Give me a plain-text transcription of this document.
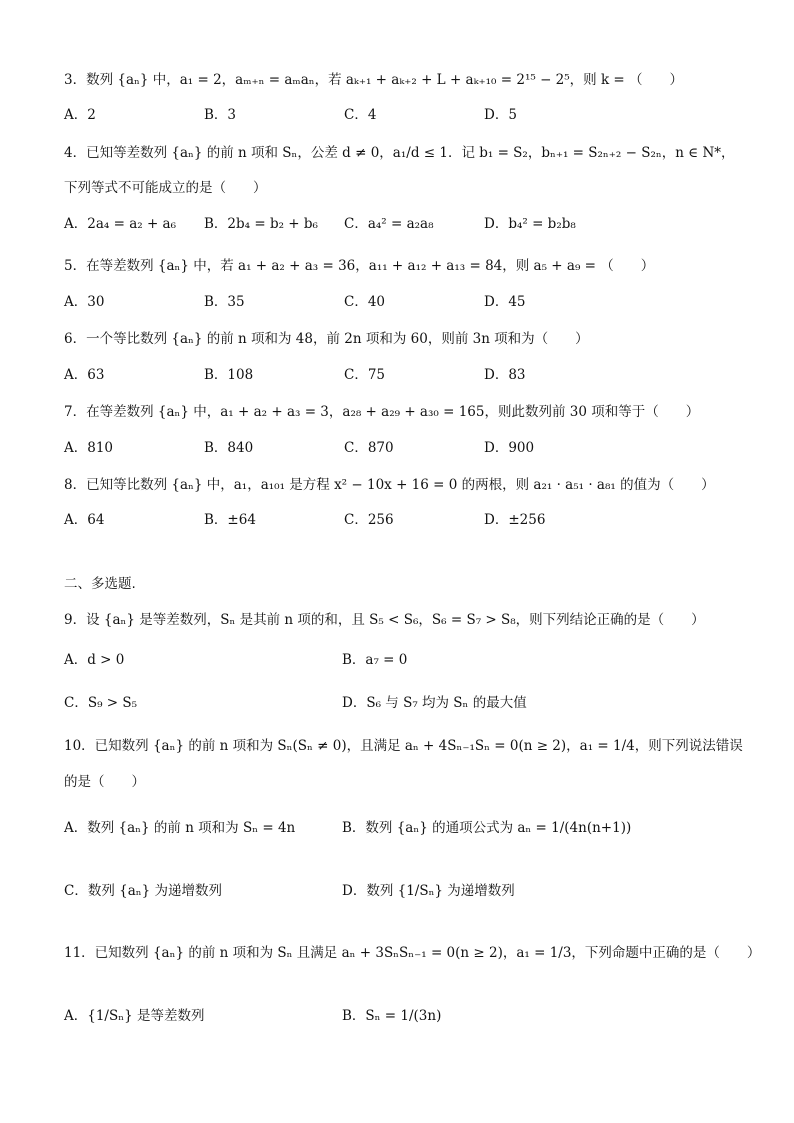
3．数列 {aₙ} 中，a₁ = 2，aₘ₊ₙ = aₘaₙ，若 aₖ₊₁ + aₖ₊₂ + L + aₖ₊₁₀ = 2¹⁵ − 2⁵，则 k = （　　）
A．2	B．3	C．4	D．5
4．已知等差数列 {aₙ} 的前 n 项和 Sₙ，公差 d ≠ 0，a₁/d ≤ 1．记 b₁ = S₂，bₙ₊₁ = S₂ₙ₊₂ − S₂ₙ，n ∈ N*，
下列等式不可能成立的是（　　）
A．2a₄ = a₂ + a₆ B．2b₄ = b₂ + b₆ C．a₄² = a₂a₈	D．b₄² = b₂b₈
5．在等差数列 {aₙ} 中，若 a₁ + a₂ + a₃ = 36，a₁₁ + a₁₂ + a₁₃ = 84，则 a₅ + a₉ = （　　）
A．30	B．35	C．40	D．45
6．一个等比数列 {aₙ} 的前 n 项和为 48，前 2n 项和为 60，则前 3n 项和为（　　）
A．63	B．108	C．75	D．83
7．在等差数列 {aₙ} 中，a₁ + a₂ + a₃ = 3，a₂₈ + a₂₉ + a₃₀ = 165，则此数列前 30 项和等于（　　）
A．810	B．840	C．870	D．900
8．已知等比数列 {aₙ} 中，a₁，a₁₀₁ 是方程 x² − 10x + 16 = 0 的两根，则 a₂₁ · a₅₁ · a₈₁ 的值为（　　）
A．64	B．±64	C．256	D．±256
二、多选题.
9．设 {aₙ} 是等差数列，Sₙ 是其前 n 项的和，且 S₅ < S₆，S₆ = S₇ > S₈，则下列结论正确的是（　　）
A．d > 0	B．a₇ = 0
C．S₉ > S₅	D．S₆ 与 S₇ 均为 Sₙ 的最大值
10．已知数列 {aₙ} 的前 n 项和为 Sₙ(Sₙ ≠ 0)，且满足 aₙ + 4Sₙ₋₁Sₙ = 0(n ≥ 2)，a₁ = 1/4，则下列说法错误
的是（　　）
A．数列 {aₙ} 的前 n 项和为 Sₙ = 4n	B．数列 {aₙ} 的通项公式为 aₙ = 1/(4n(n+1))
C．数列 {aₙ} 为递增数列	D．数列 {1/Sₙ} 为递增数列
11．已知数列 {aₙ} 的前 n 项和为 Sₙ 且满足 aₙ + 3SₙSₙ₋₁ = 0(n ≥ 2)，a₁ = 1/3，下列命题中正确的是（　　）
A．{1/Sₙ} 是等差数列	B．Sₙ = 1/(3n)
